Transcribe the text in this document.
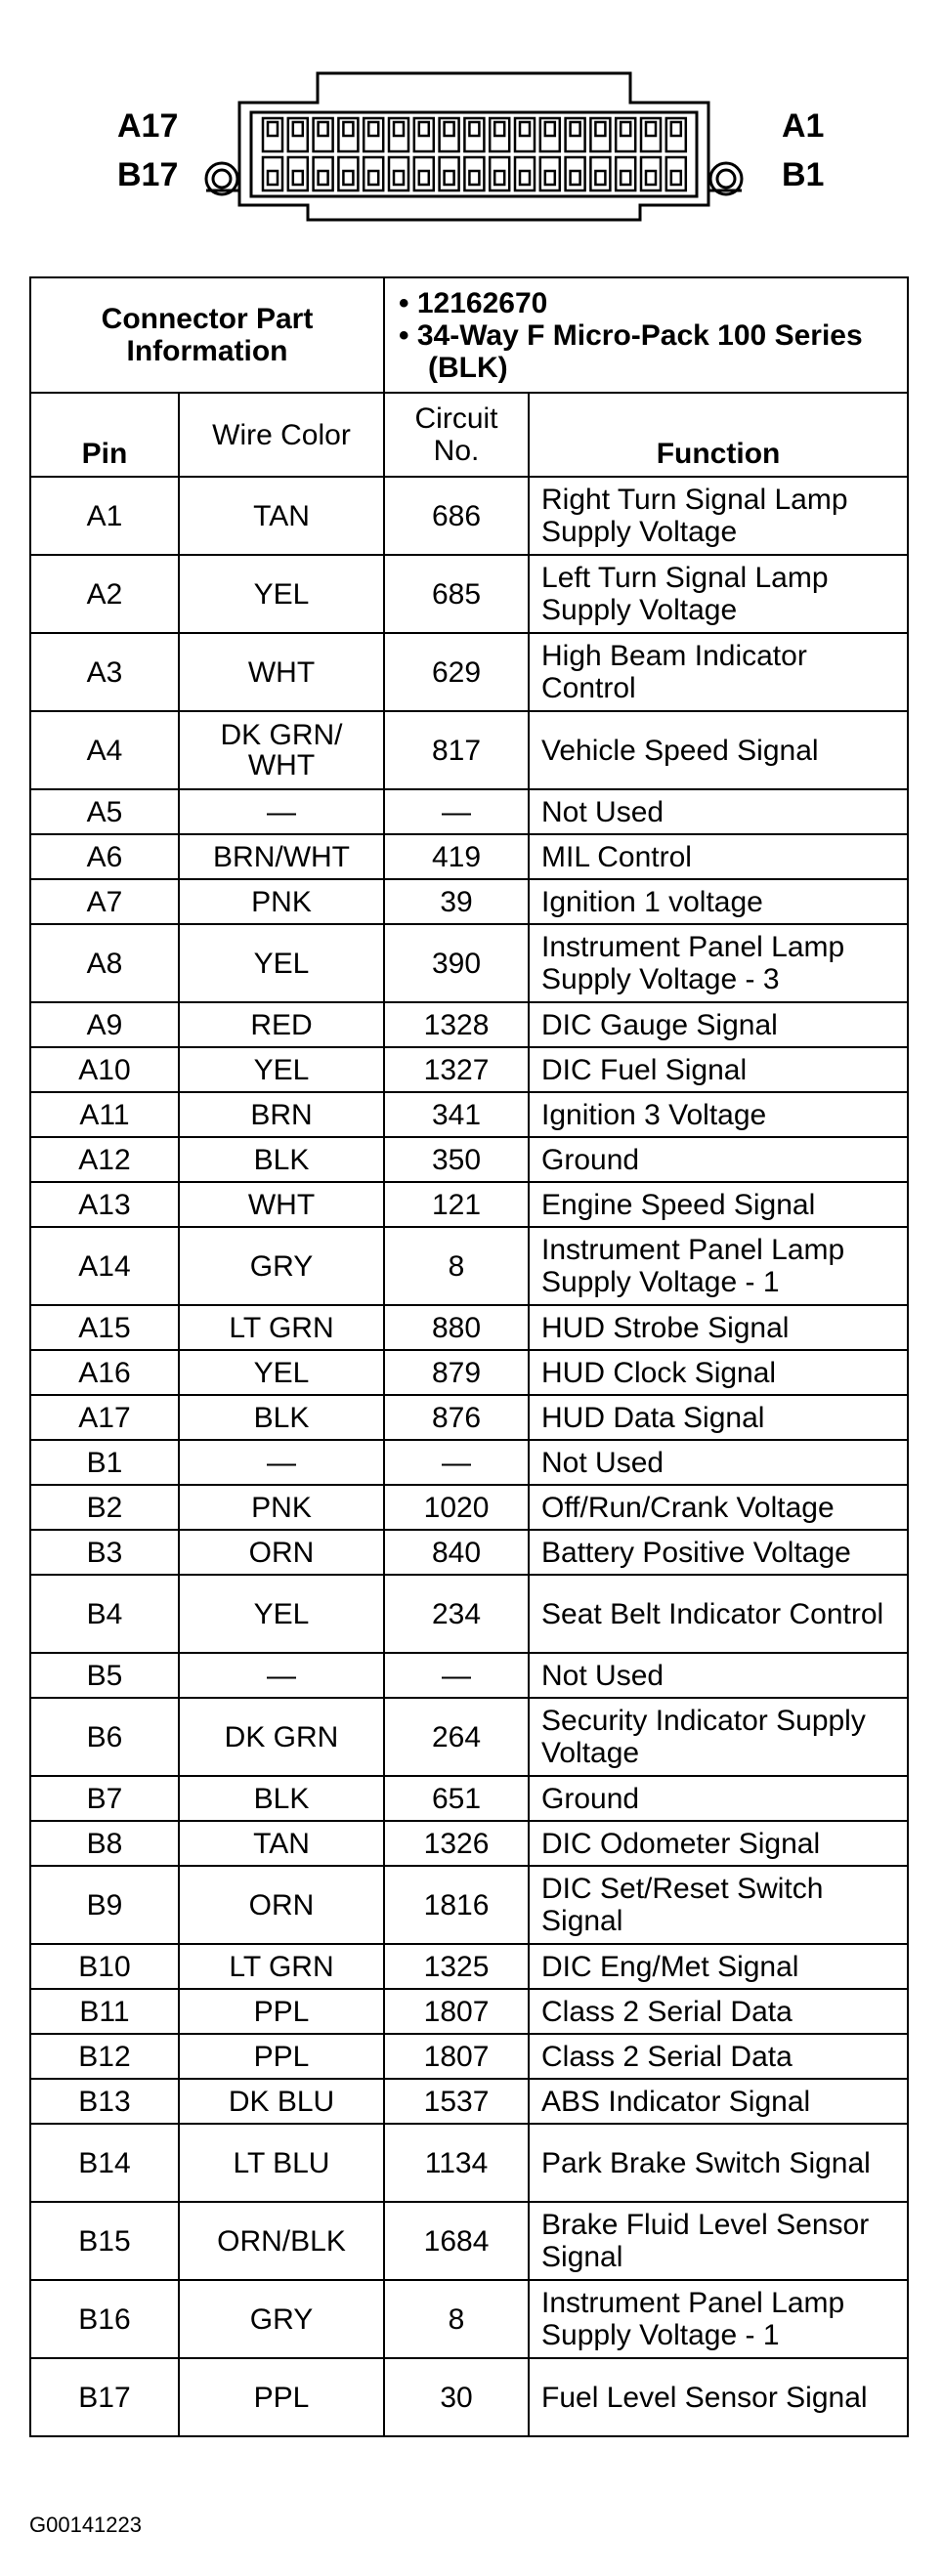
A17
B17
A1
B1
Connector Part Information		• 12162670
• 34-Way F Micro-Pack 100 Series (BLK)	

Pin	Wire Color	Circuit No.	Function
A1	TAN	686	Right Turn Signal Lamp Supply Voltage
A2	YEL	685	Left Turn Signal Lamp Supply Voltage
A3	WHT	629	High Beam Indicator Control
A4	DK GRN/ WHT	817	Vehicle Speed Signal
A5	—	—	Not Used
A6	BRN/WHT	419	MIL Control
A7	PNK	39	Ignition 1 voltage
A8	YEL	390	Instrument Panel Lamp Supply Voltage - 3
A9	RED	1328	DIC Gauge Signal
A10	YEL	1327	DIC Fuel Signal
A11	BRN	341	Ignition 3 Voltage
A12	BLK	350	Ground
A13	WHT	121	Engine Speed Signal
A14	GRY	8	Instrument Panel Lamp Supply Voltage - 1
A15	LT GRN	880	HUD Strobe Signal
A16	YEL	879	HUD Clock Signal
A17	BLK	876	HUD Data Signal
B1	—	—	Not Used
B2	PNK	1020	Off/Run/Crank Voltage
B3	ORN	840	Battery Positive Voltage
B4	YEL	234	Seat Belt Indicator Control
B5	—	—	Not Used
B6	DK GRN	264	Security Indicator Supply Voltage
B7	BLK	651	Ground
B8	TAN	1326	DIC Odometer Signal
B9	ORN	1816	DIC Set/Reset Switch Signal
B10	LT GRN	1325	DIC Eng/Met Signal
B11	PPL	1807	Class 2 Serial Data
B12	PPL	1807	Class 2 Serial Data
B13	DK BLU	1537	ABS Indicator Signal
B14	LT BLU	1134	Park Brake Switch Signal
B15	ORN/BLK	1684	Brake Fluid Level Sensor Signal
B16	GRY	8	Instrument Panel Lamp Supply Voltage - 1
B17	PPL	30	Fuel Level Sensor Signal
G00141223
